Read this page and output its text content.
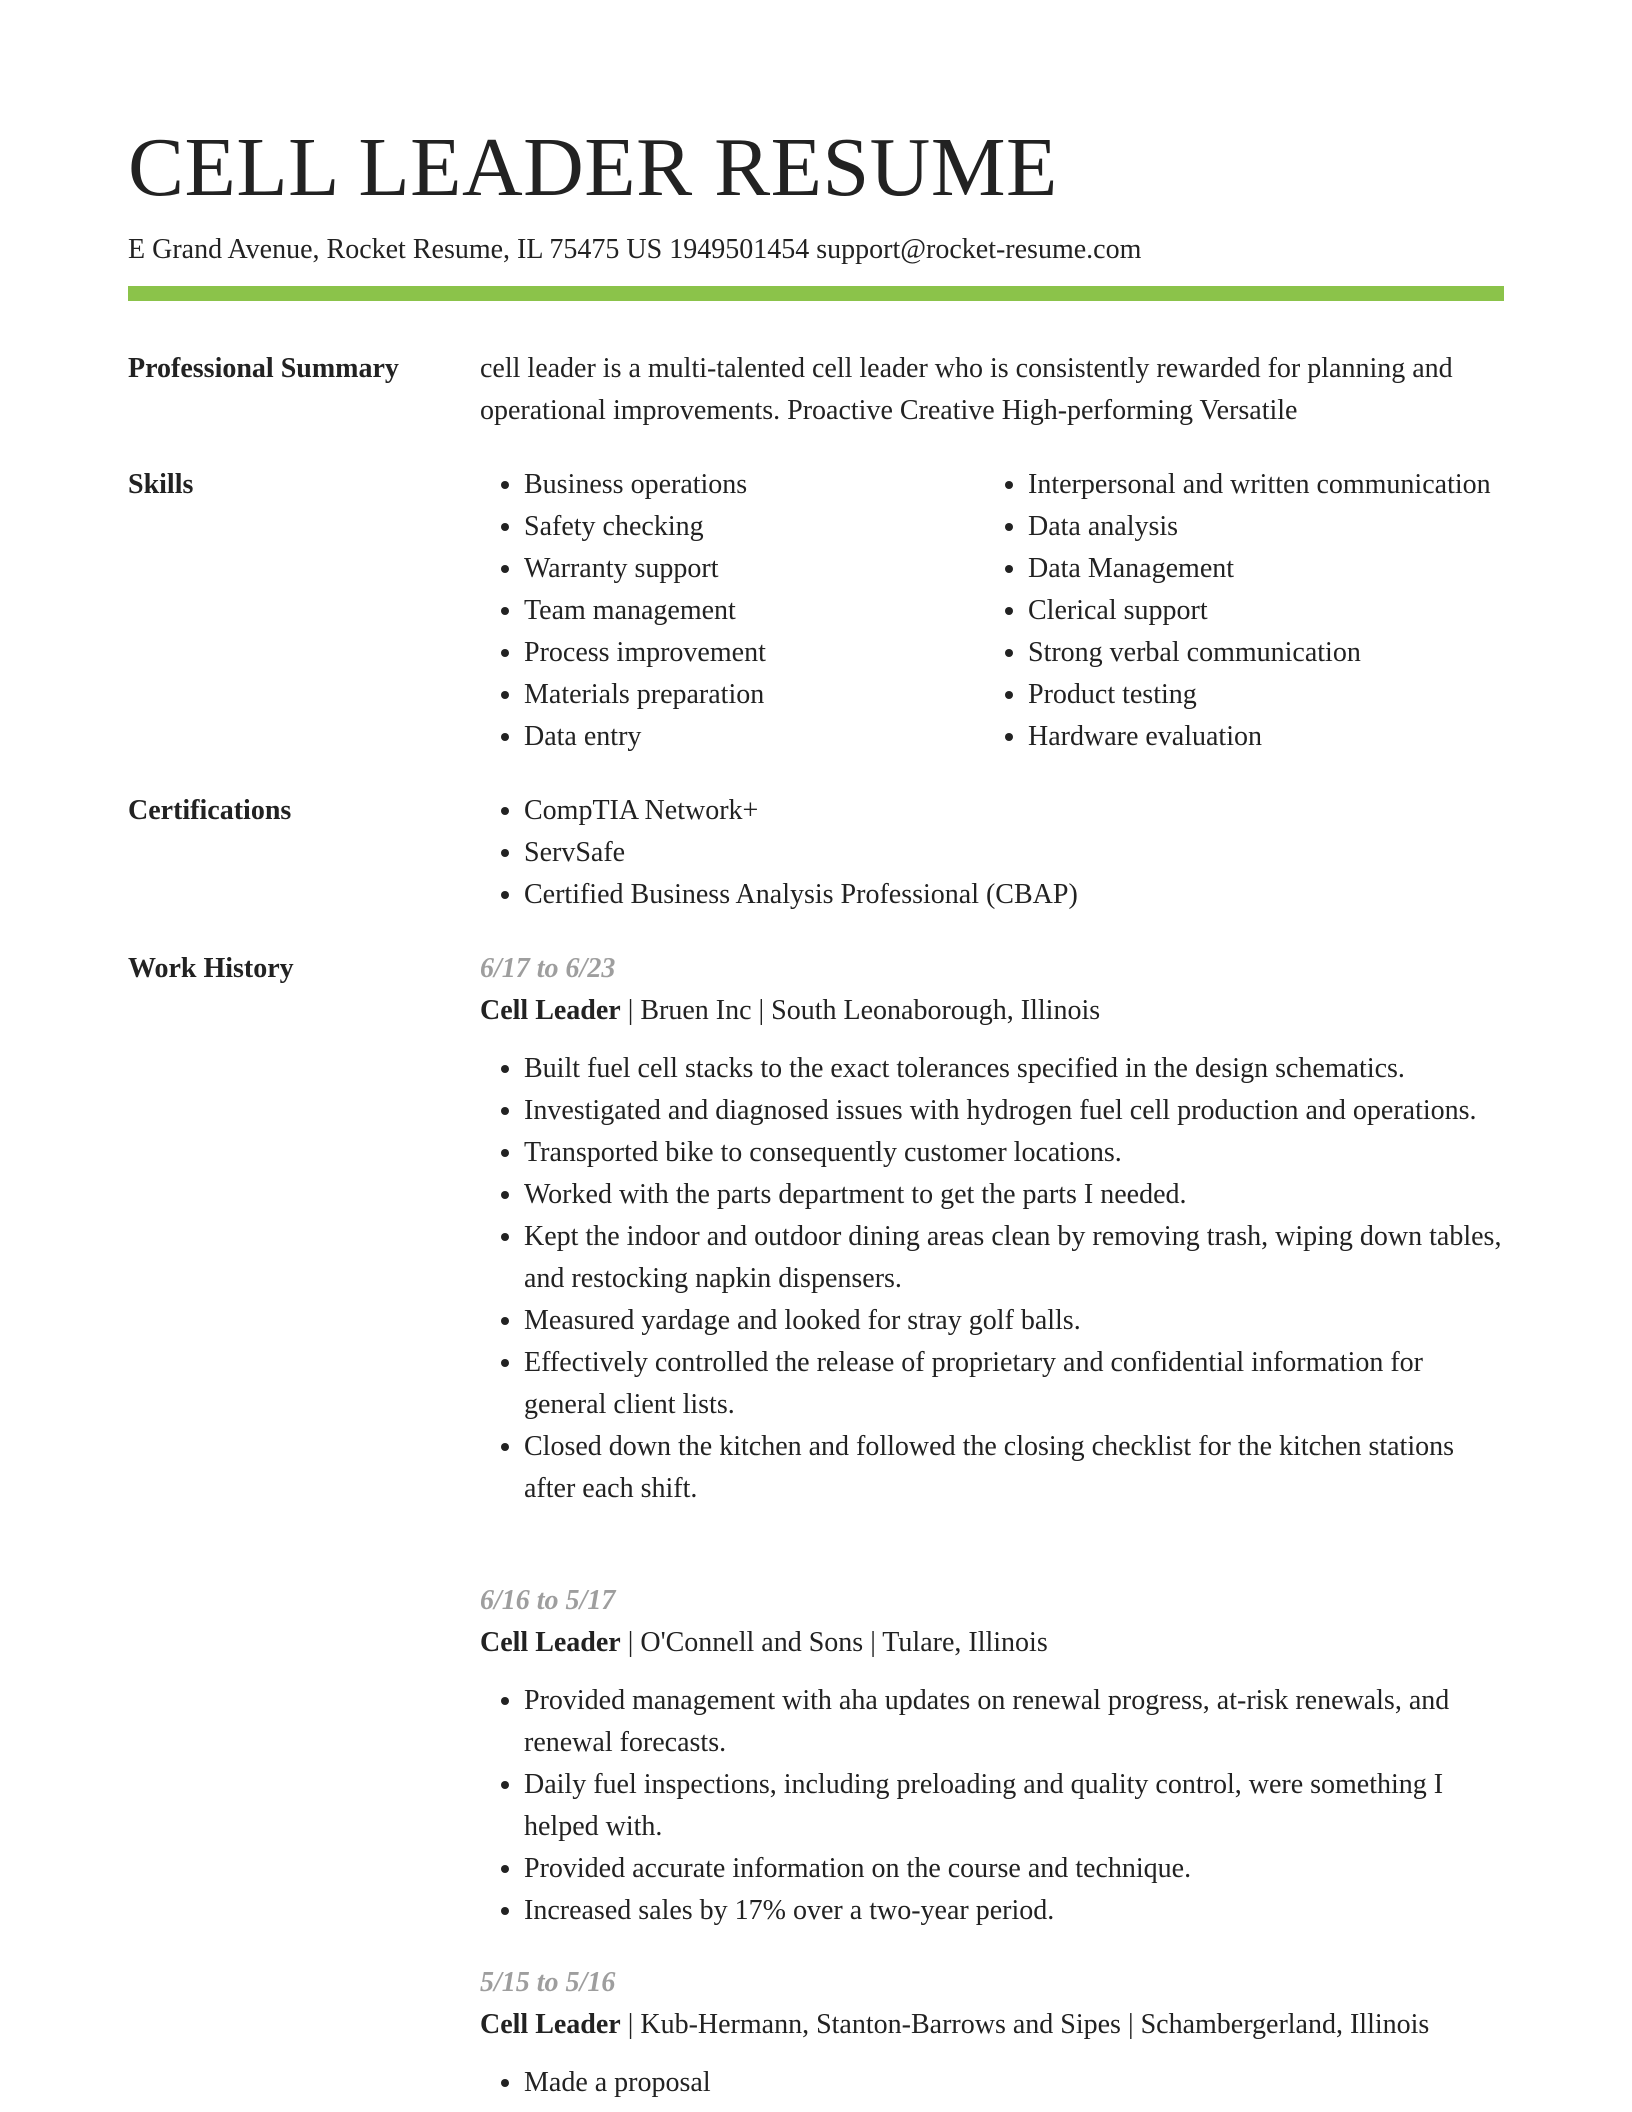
CELL LEADER RESUME
E Grand Avenue, Rocket Resume, IL 75475 US 1949501454 support@rocket-resume.com
Professional Summary	cell leader is a multi-talented cell leader who is consistently rewarded for planning and operational improvements. Proactive Creative High-performing Versatile
Skills	• Business operations
• Safety checking
• Warranty support
• Team management
• Process improvement
• Materials preparation
• Data entry
• Interpersonal and written communication
• Data analysis
• Data Management
• Clerical support
• Strong verbal communication
• Product testing
• Hardware evaluation
Certifications	• CompTIA Network+
• ServSafe
• Certified Business Analysis Professional (CBAP)
Work History	6/17 to 6/23
Cell Leader | Bruen Inc | South Leonaborough, Illinois
• Built fuel cell stacks to the exact tolerances specified in the design schematics.
• Investigated and diagnosed issues with hydrogen fuel cell production and operations.
• Transported bike to consequently customer locations.
• Worked with the parts department to get the parts I needed.
• Kept the indoor and outdoor dining areas clean by removing trash, wiping down tables, and restocking napkin dispensers.
• Measured yardage and looked for stray golf balls.
• Effectively controlled the release of proprietary and confidential information for general client lists.
• Closed down the kitchen and followed the closing checklist for the kitchen stations after each shift.
6/16 to 5/17
Cell Leader | O'Connell and Sons | Tulare, Illinois
• Provided management with aha updates on renewal progress, at-risk renewals, and renewal forecasts.
• Daily fuel inspections, including preloading and quality control, were something I helped with.
• Provided accurate information on the course and technique.
• Increased sales by 17% over a two-year period.
5/15 to 5/16
Cell Leader | Kub-Hermann, Stanton-Barrows and Sipes | Schambergerland, Illinois
• Made a proposal
